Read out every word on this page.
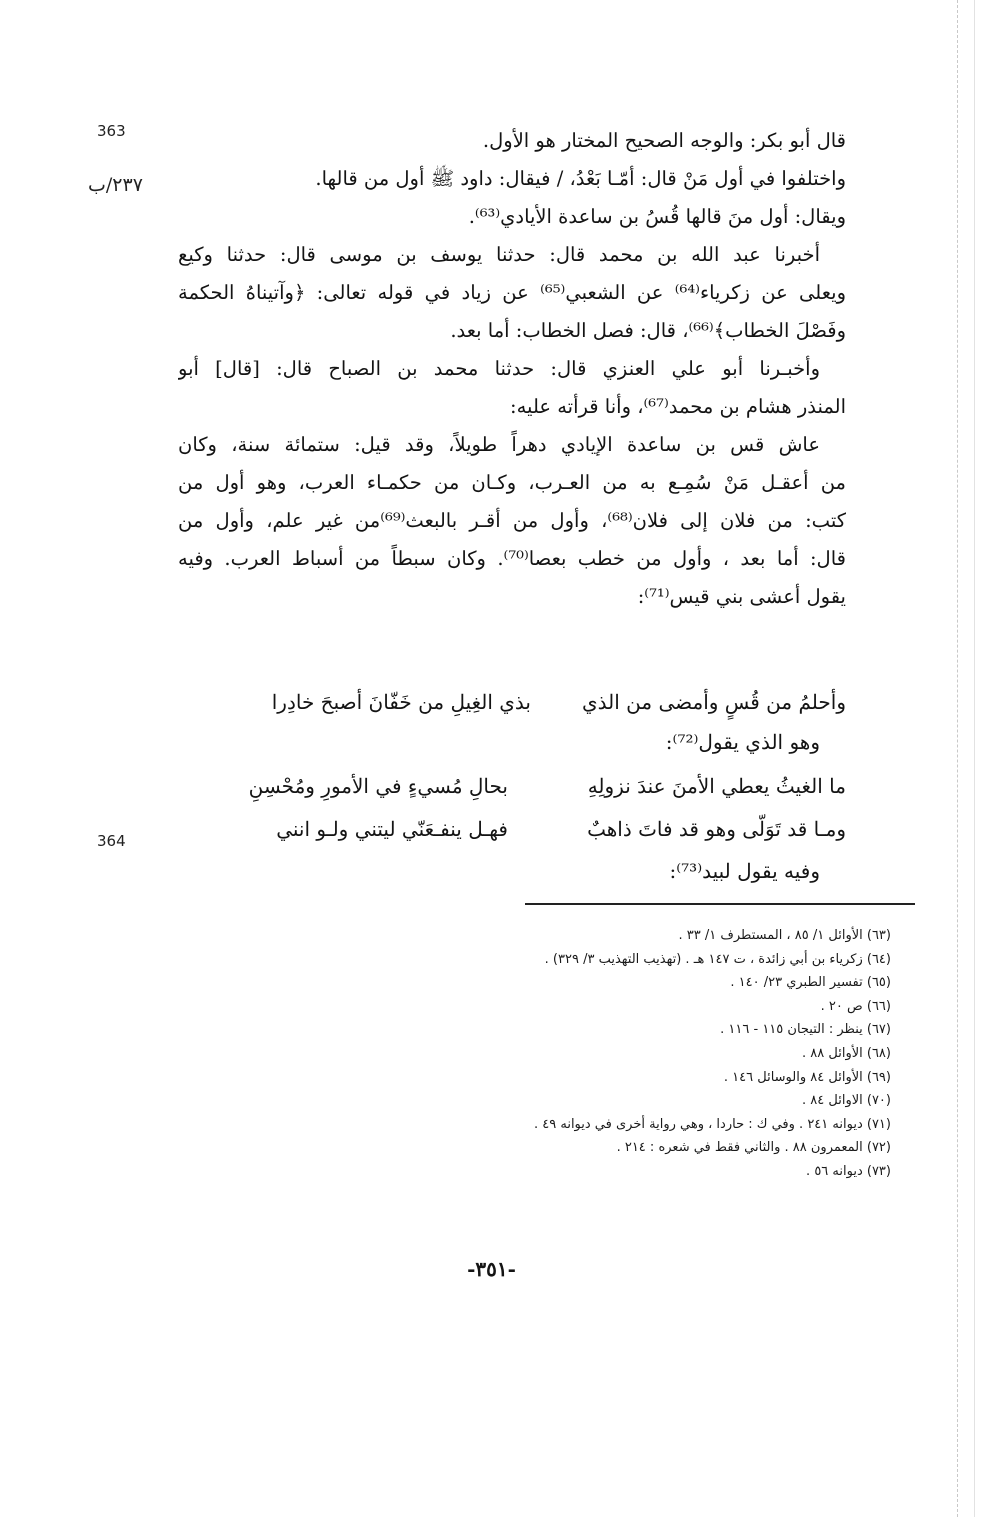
363
364
٢٣٧/ب
قال أبو بكر: والوجه الصحيح المختار هو الأول.
واختلفوا في أول مَنْ قال: أمّـا بَعْدُ، / فيقال: داود ﷺ أول من قالها.
ويقال: أول منَ قالها قُسُ بن ساعدة الأيادي⁽⁶³⁾.
أخبرنا عبد الله بن محمد قال: حدثنا يوسف بن موسى قال: حدثنا وكيع
ويعلى عن زكرياء⁽⁶⁴⁾ عن الشعبي⁽⁶⁵⁾ عن زياد في قوله تعالى: ﴿وآتيناهُ الحكمة
وفَصْلَ الخطاب﴾⁽⁶⁶⁾، قال: فصل الخطاب: أما بعد.
وأخبـرنا أبو علي العنزي قال: حدثنا محمد بن الصباح قال: [قال] أبو
المنذر هشام بن محمد⁽⁶⁷⁾، وأنا قرأته عليه:
عاش قس بن ساعدة الإيادي دهراً طويلاً، وقد قيل: ستمائة سنة، وكان
من أعقـل مَنْ سُمِـع به من العـرب، وكـان من حكمـاء العرب، وهو أول من
كتب: من فلان إلى فلان⁽⁶⁸⁾، وأول من أقـر بالبعث⁽⁶⁹⁾من غير علم، وأول من
قال: أما بعد ، وأول من خطب بعصا⁽⁷⁰⁾. وكان سبطاً من أسباط العرب. وفيه
يقول أعشى بني قيس⁽⁷¹⁾:
وأحلمُ من قُسٍ وأمضى من الذي
بذي الغِيلِ من خَفّانَ أصبحَ خادِرا
وهو الذي يقول⁽⁷²⁾:
ما الغيثُ يعطي الأمنَ عندَ نزولِهِ
بحالِ مُسيءٍ في الأمورِ ومُحْسِنِ
ومـا قد تَوَلّى وهو قد فاتَ ذاهبٌ
فهـل ينفـعَنّي ليتني ولـو انني
وفيه يقول لبيد⁽⁷³⁾:
(٦٣) الأوائل ١/ ٨٥ ، المستطرف ١/ ٣٣ .
(٦٤) زكرياء بن أبي زائدة ، ت ١٤٧ هـ . (تهذيب التهذيب ٣/ ٣٢٩) .
(٦٥) تفسير الطبري ٢٣/ ١٤٠ .
(٦٦) ص ٢٠ .
(٦٧) ينظر : التيجان ١١٥ - ١١٦ .
(٦٨) الأوائل ٨٨ .
(٦٩) الأوائل ٨٤ والوسائل ١٤٦ .
(٧٠) الاوائل ٨٤ .
(٧١) ديوانه ٢٤١ . وفي ك : حاردا ، وهي رواية أخرى في ديوانه ٤٩ .
(٧٢) المعمرون ٨٨ . والثاني فقط في شعره : ٢١٤ .
(٧٣) ديوانه ٥٦ .
-٣٥١-
